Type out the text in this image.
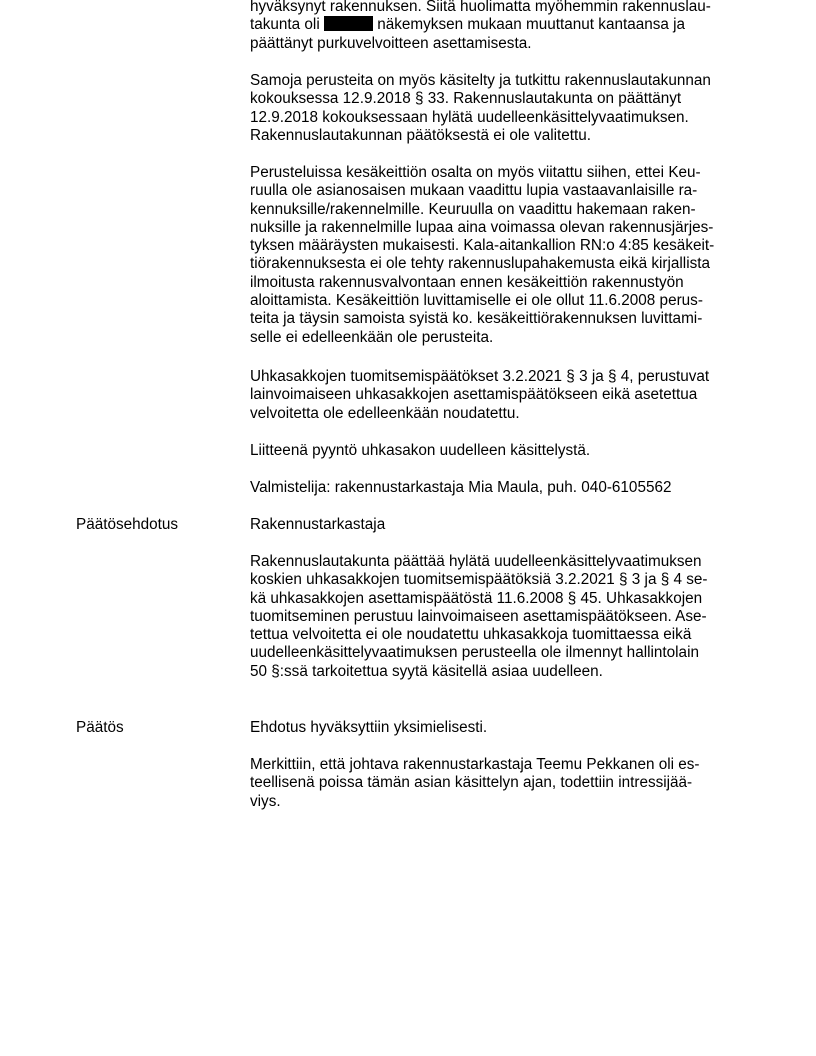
hyväksynyt rakennuksen. Siitä huolimatta myöhemmin rakennuslau-
takunta oli	näkemyksen mukaan muuttanut kantaansa ja
päättänyt purkuvelvoitteen asettamisesta.

Samoja perusteita on myös käsitelty ja tutkittu rakennuslautakunnan
kokouksessa 12.9.2018 § 33. Rakennuslautakunta on päättänyt
12.9.2018 kokouksessaan hylätä uudelleenkäsittelyvaatimuksen.
Rakennuslautakunnan päätöksestä ei ole valitettu.

Perusteluissa kesäkeittiön osalta on myös viitattu siihen, ettei Keu-
ruulla ole asianosaisen mukaan vaadittu lupia vastaavanlaisille ra-
kennuksille/rakennelmille. Keuruulla on vaadittu hakemaan raken-
nuksille ja rakennelmille lupaa aina voimassa olevan rakennusjärjes-
tyksen määräysten mukaisesti. Kala-aitankallion RN:o 4:85 kesäkeit-
tiörakennuksesta ei ole tehty rakennuslupahakemusta eikä kirjallista
ilmoitusta rakennusvalvontaan ennen kesäkeittiön rakennustyön
aloittamista. Kesäkeittiön luvittamiselle ei ole ollut 11.6.2008 perus-
teita ja täysin samoista syistä ko. kesäkeittiörakennuksen luvittami-
selle ei edelleenkään ole perusteita.

Uhkasakkojen tuomitsemispäätökset 3.2.2021 § 3 ja § 4, perustuvat
lainvoimaiseen uhkasakkojen asettamispäätökseen eikä asetettua
velvoitetta ole edelleenkään noudatettu.

Liitteenä pyyntö uhkasakon uudelleen käsittelystä.

Valmistelija: rakennustarkastaja Mia Maula, puh. 040-6105562

Päätösehdotus	Rakennustarkastaja

Rakennuslautakunta päättää hylätä uudelleenkäsittelyvaatimuksen
koskien uhkasakkojen tuomitsemispäätöksiä 3.2.2021 § 3 ja § 4 se-
kä uhkasakkojen asettamispäätöstä 11.6.2008 § 45. Uhkasakkojen
tuomitseminen perustuu lainvoimaiseen asettamispäätökseen. Ase-
tettua velvoitetta ei ole noudatettu uhkasakkoja tuomittaessa eikä
uudelleenkäsittelyvaatimuksen perusteella ole ilmennyt hallintolain
50 §:ssä tarkoitettua syytä käsitellä asiaa uudelleen.

Päätös	Ehdotus hyväksyttiin yksimielisesti.

Merkittiin, että johtava rakennustarkastaja Teemu Pekkanen oli es-
teellisenä poissa tämän asian käsittelyn ajan, todettiin intressijää-
viys.
